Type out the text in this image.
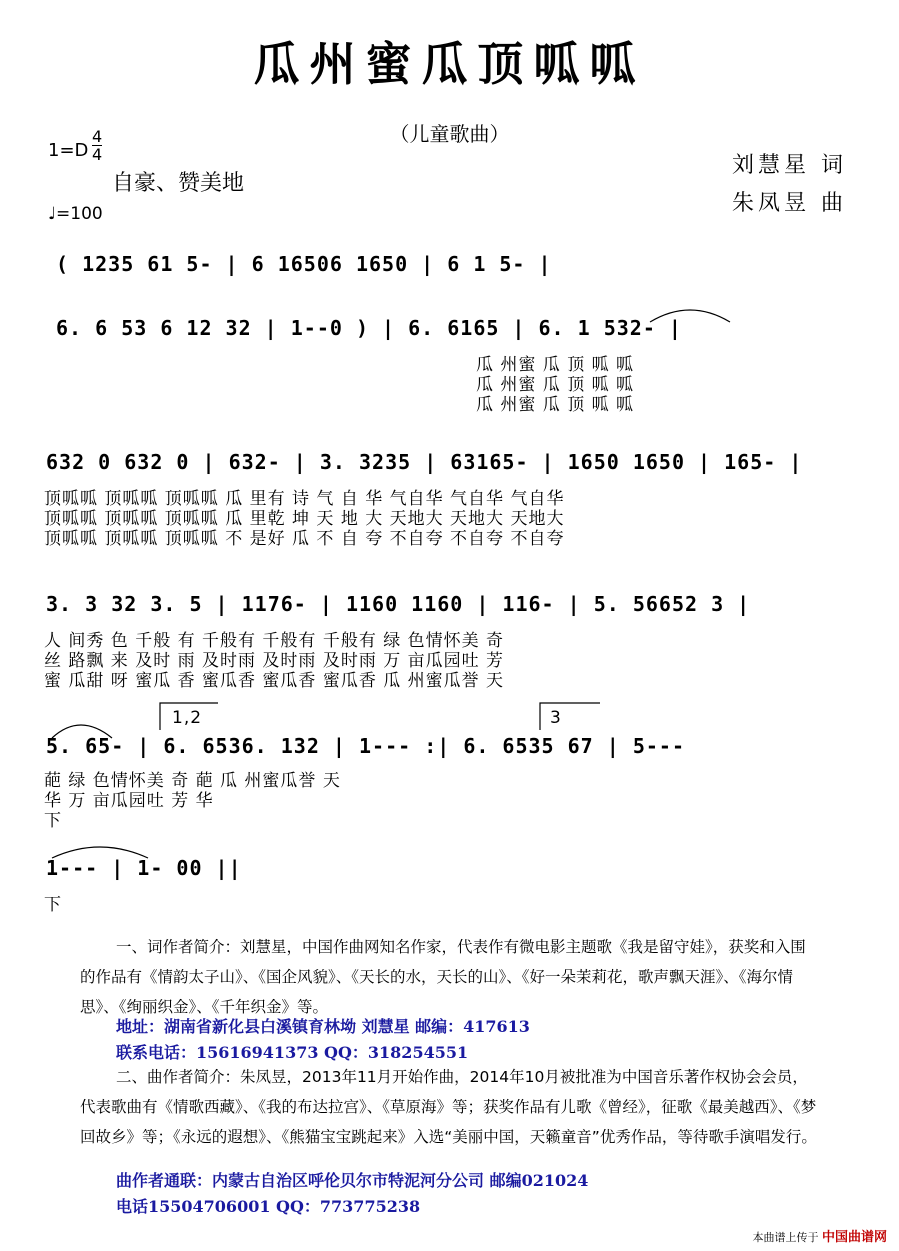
瓜州蜜瓜顶呱呱
（儿童歌曲）
1=D
4
4
自豪、赞美地
♩=100
刘慧星 词
朱凤昱 曲
( 1235 61 5- | 6 16506 1650 | 6 1 5- |
6. 6 53 6 12 32 | 1--0 ) | 6. 6165 | 6. 1 532- |
瓜 州蜜 瓜 顶 呱 呱
瓜 州蜜 瓜 顶 呱 呱
瓜 州蜜 瓜 顶 呱 呱
632 0 632 0 | 632- | 3. 3235 | 63165- | 1650 1650 | 165- |
顶呱呱 顶呱呱 顶呱呱 瓜 里有 诗 气 自 华 气自华 气自华 气自华
顶呱呱 顶呱呱 顶呱呱 瓜 里乾 坤 天 地 大 天地大 天地大 天地大
顶呱呱 顶呱呱 顶呱呱 不 是好 瓜 不 自 夸 不自夸 不自夸 不自夸
3. 3 32 3. 5 | 1176- | 1160 1160 | 116- | 5. 56652 3 |
人 间秀 色 千般 有 千般有 千般有 千般有 绿 色情怀美 奇
丝 路飘 来 及时 雨 及时雨 及时雨 及时雨 万 亩瓜园吐 芳
蜜 瓜甜 呀 蜜瓜 香 蜜瓜香 蜜瓜香 蜜瓜香 瓜 州蜜瓜誉 天
1,2	3
5. 65- | 6. 6536. 132 | 1--- :| 6. 6535 67 | 5---
葩 绿 色情怀美 奇 葩 瓜 州蜜瓜誉 天
华 万 亩瓜园吐 芳 华
下
1--- | 1- 00 ||
下
一、词作者简介：刘慧星，中国作曲网知名作家，代表作有微电影主题歌《我是留守娃》，获奖和入围的作品有《情韵太子山》、《国企风貌》、《天长的水，天长的山》、《好一朵茉莉花，歌声飘天涯》、《海尔情思》、《绚丽织金》、《千年织金》等。
地址：湖南省新化县白溪镇育林坳 刘慧星 邮编：417613
联系电话：15616941373 QQ：318254551
二、曲作者简介：朱凤昱，2013年11月开始作曲，2014年10月被批准为中国音乐著作权协会会员，代表歌曲有《情歌西藏》、《我的布达拉宫》、《草原海》等；获奖作品有儿歌《曾经》，征歌《最美越西》、《梦回故乡》等；《永远的遐想》、《熊猫宝宝跳起来》入选“美丽中国，天籁童音”优秀作品，等待歌手演唱发行。
曲作者通联：内蒙古自治区呼伦贝尔市特泥河分公司 邮编021024
电话15504706001 QQ：773775238
本曲谱上传于 中国曲谱网
